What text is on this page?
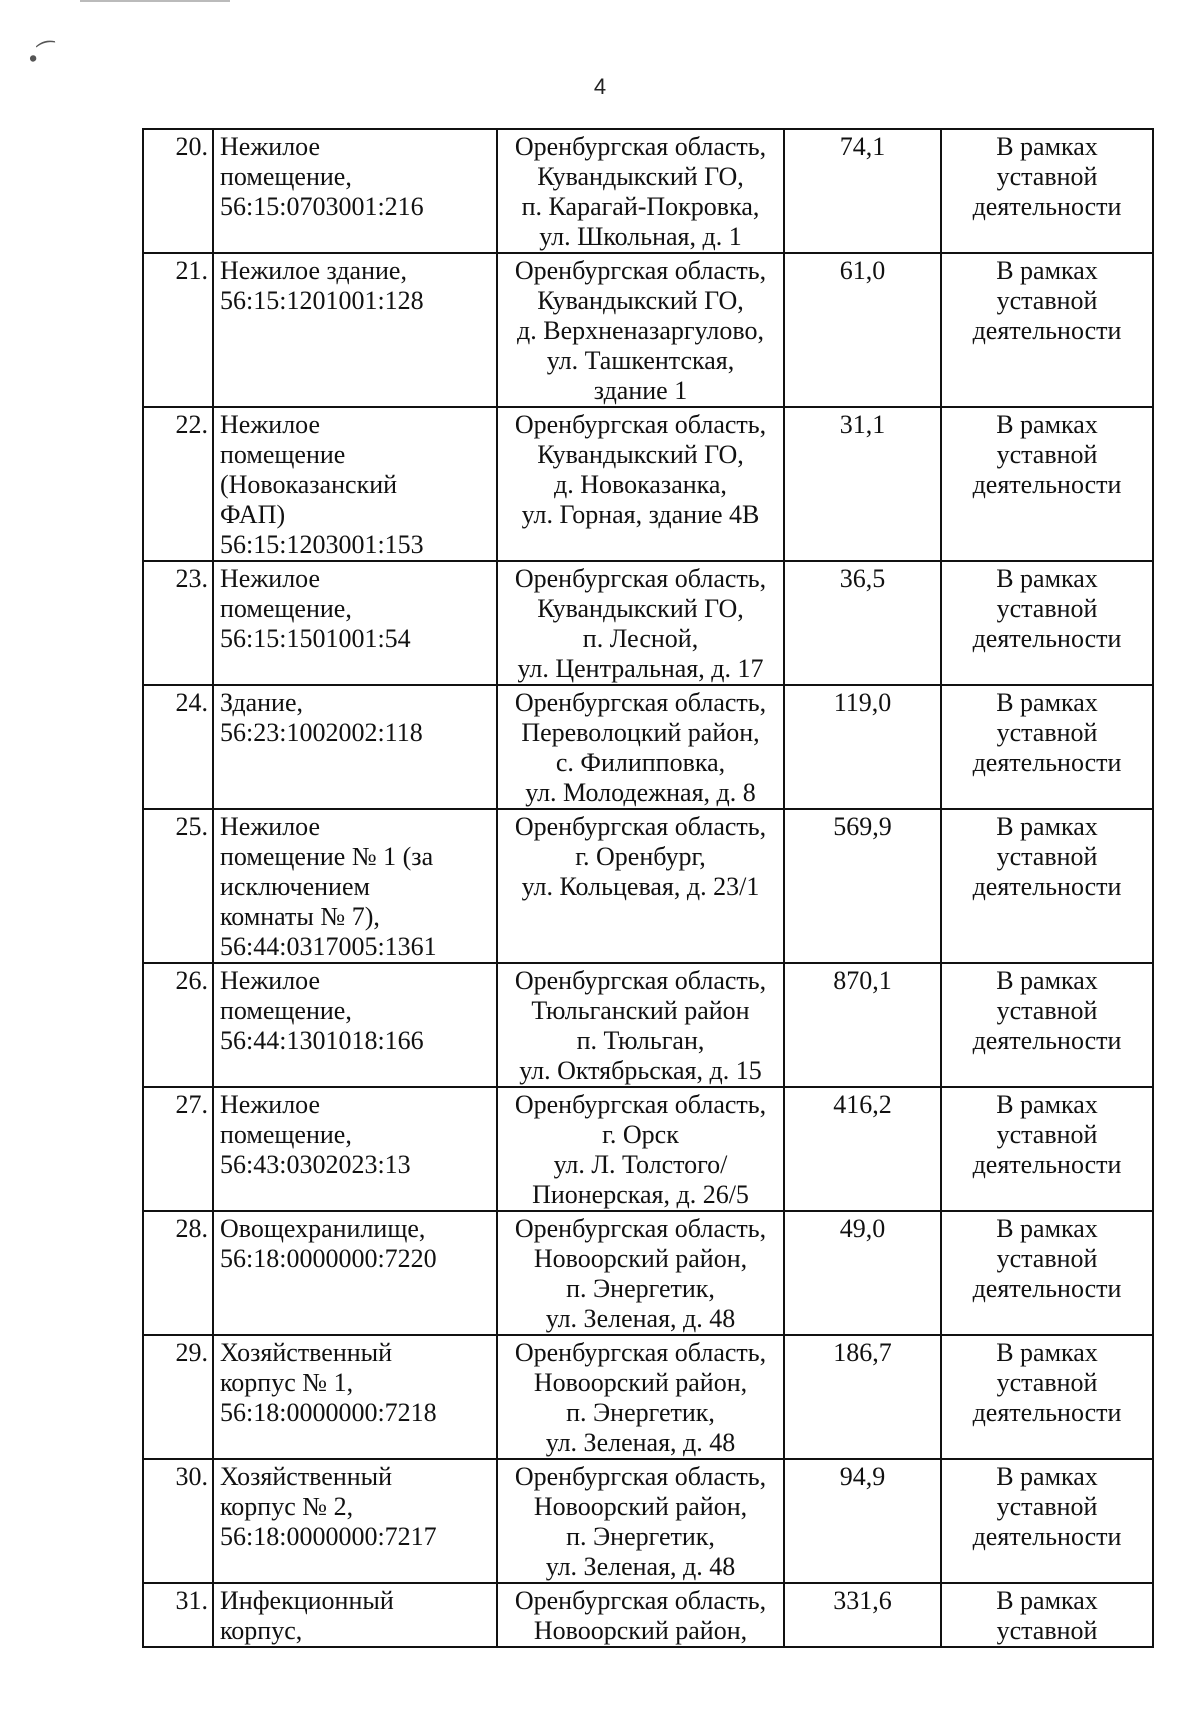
∙⁀
4
20.	Нежилое
помещение,
56:15:0703001:216	Оренбургская область,
Кувандыкский ГО,
п. Карагай-Покровка,
ул. Школьная, д. 1	74,1	В рамках
уставной
деятельности

21.	Нежилое здание,
56:15:1201001:128	Оренбургская область,
Кувандыкский ГО,
д. Верхненазаргулово,
ул. Ташкентская,
здание 1	61,0	В рамках
уставной
деятельности

22.	Нежилое
помещение
(Новоказанский
ФАП)
56:15:1203001:153	Оренбургская область,
Кувандыкский ГО,
д. Новоказанка,
ул. Горная, здание 4В	31,1	В рамках
уставной
деятельности

23.	Нежилое
помещение,
56:15:1501001:54	Оренбургская область,
Кувандыкский ГО,
п. Лесной,
ул. Центральная, д. 17	36,5	В рамках
уставной
деятельности

24.	Здание,
56:23:1002002:118	Оренбургская область,
Переволоцкий район,
с. Филипповка,
ул. Молодежная, д. 8	119,0	В рамках
уставной
деятельности

25.	Нежилое
помещение № 1 (за
исключением
комнаты № 7),
56:44:0317005:1361	Оренбургская область,
г. Оренбург,
ул. Кольцевая, д. 23/1	569,9	В рамках
уставной
деятельности

26.	Нежилое
помещение,
56:44:1301018:166	Оренбургская область,
Тюльганский район
п. Тюльган,
ул. Октябрьская, д. 15	870,1	В рамках
уставной
деятельности

27.	Нежилое
помещение,
56:43:0302023:13	Оренбургская область,
г. Орск
ул. Л. Толстого/
Пионерская, д. 26/5	416,2	В рамках
уставной
деятельности

28.	Овощехранилище,
56:18:0000000:7220	Оренбургская область,
Новоорский район,
п. Энергетик,
ул. Зеленая, д. 48	49,0	В рамках
уставной
деятельности

29.	Хозяйственный
корпус № 1,
56:18:0000000:7218	Оренбургская область,
Новоорский район,
п. Энергетик,
ул. Зеленая, д. 48	186,7	В рамках
уставной
деятельности

30.	Хозяйственный
корпус № 2,
56:18:0000000:7217	Оренбургская область,
Новоорский район,
п. Энергетик,
ул. Зеленая, д. 48	94,9	В рамках
уставной
деятельности

31.	Инфекционный
корпус,	Оренбургская область,
Новоорский район,	331,6	В рамках
уставной
